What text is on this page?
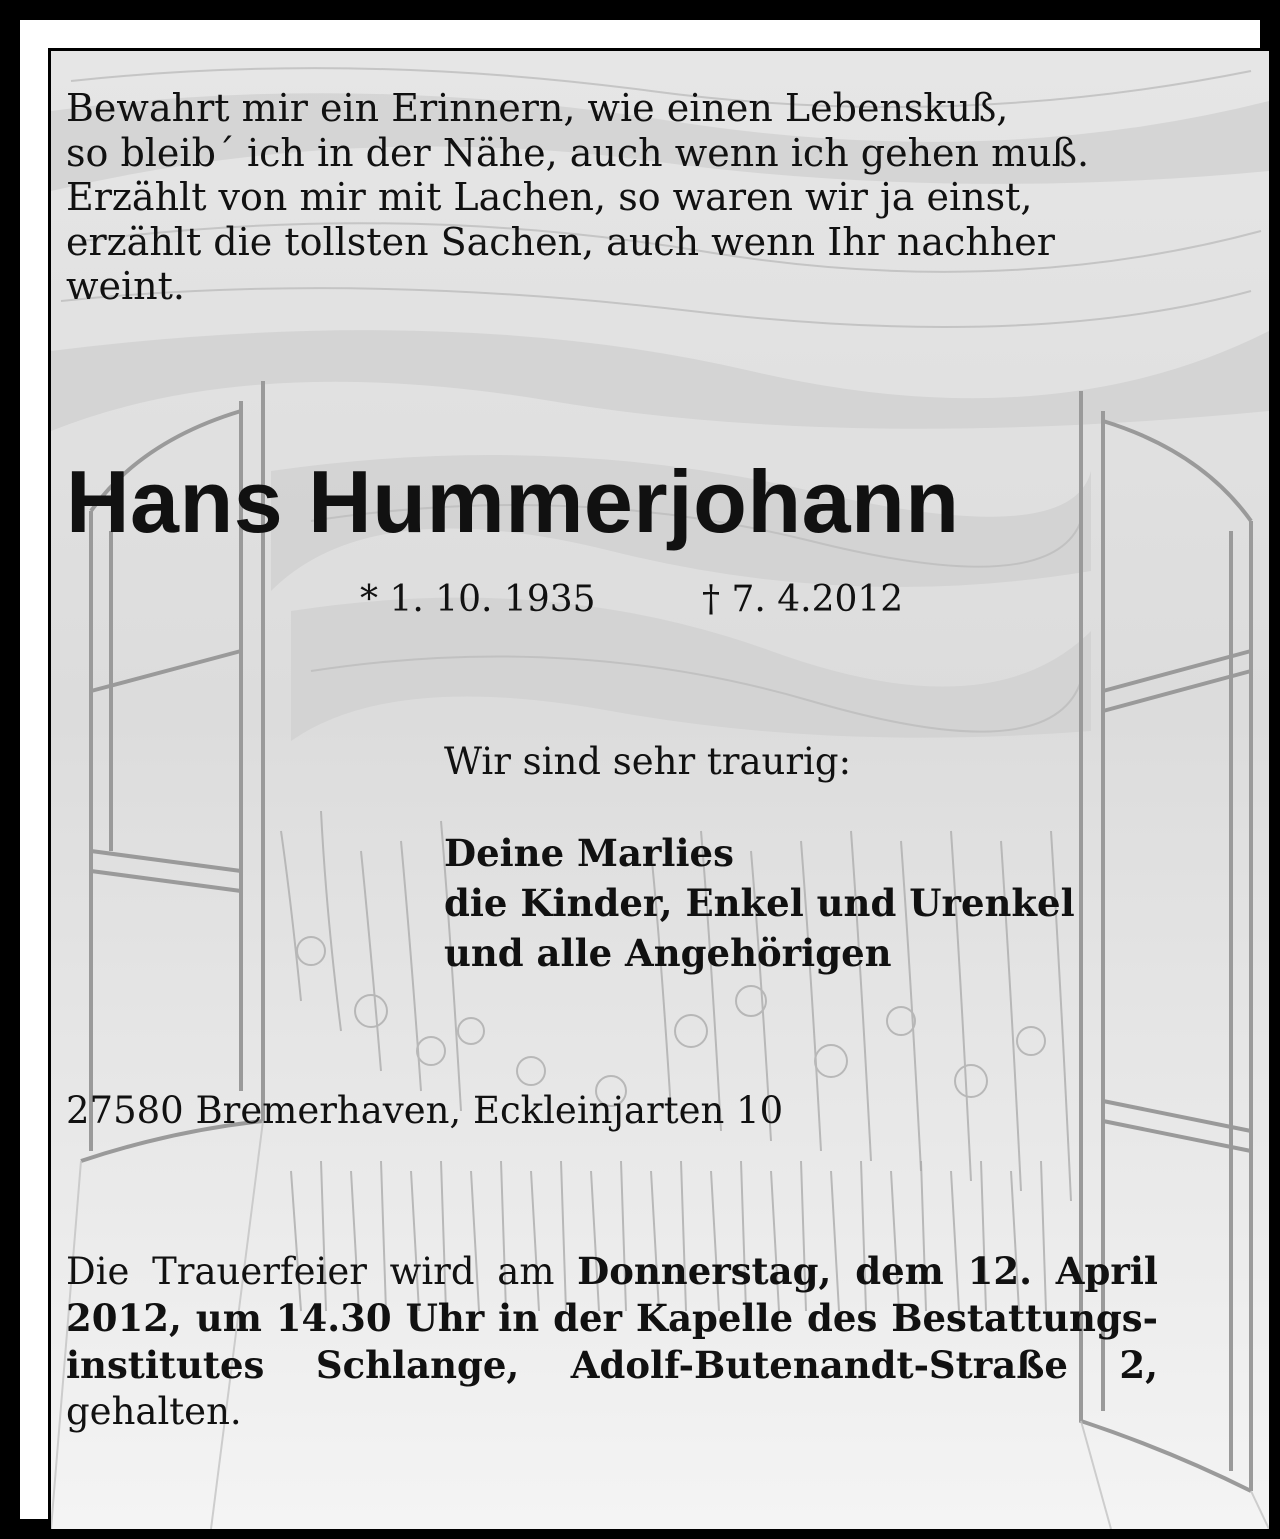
Bewahrt mir ein Erinnern, wie einen Lebenskuß,
so bleib´ ich in der Nähe, auch wenn ich gehen muß.
Erzählt von mir mit Lachen, so waren wir ja einst,
erzählt die tollsten Sachen, auch wenn Ihr nachher
weint.
Hans Hummerjohann
* 1. 10. 1935	† 7. 4.2012
Wir sind sehr traurig:
Deine Marlies
die Kinder, Enkel und Urenkel
und alle Angehörigen
27580 Bremerhaven, Eckleinjarten 10

Die Trauerfeier wird am Donnerstag, dem 12. April 2012, um 14.30 Uhr in der Kapelle des Bestattungs-institutes Schlange, Adolf-Butenandt-Straße 2, gehalten.
